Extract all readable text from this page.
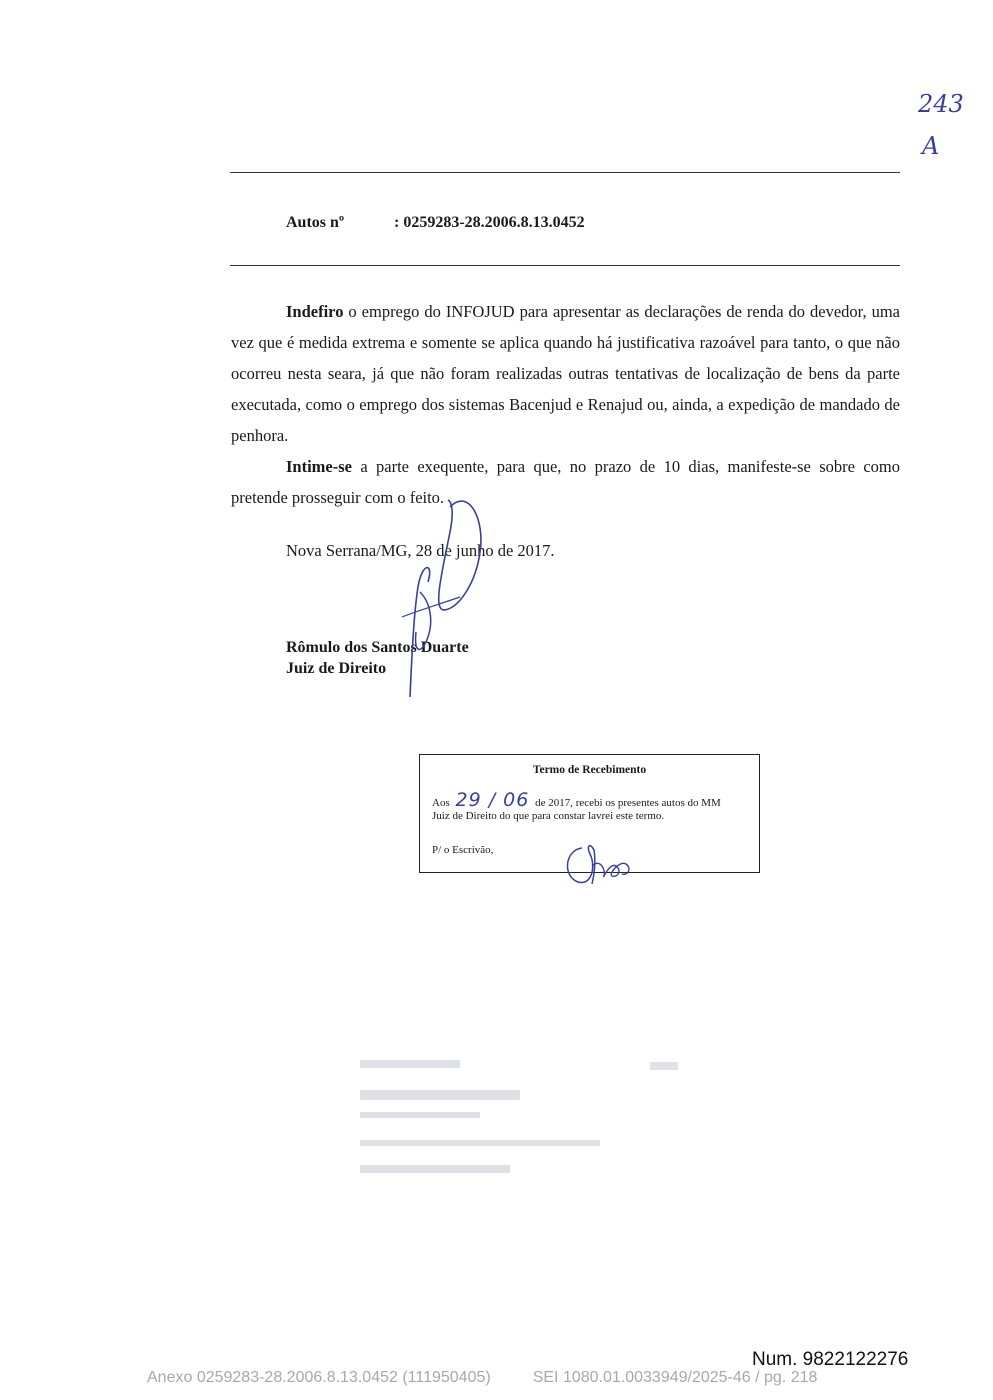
243
A
Autos nº	: 0259283-28.2006.8.13.0452

Indefiro o emprego do INFOJUD para apresentar as declarações de renda do devedor, uma vez que é medida extrema e somente se aplica quando há justificativa razoável para tanto, o que não ocorreu nesta seara, já que não foram realizadas outras tentativas de localização de bens da parte executada, como o emprego dos sistemas Bacenjud e Renajud ou, ainda, a expedição de mandado de penhora.

Intime-se a parte exequente, para que, no prazo de 10 dias, manifeste-se sobre como pretende prosseguir com o feito.

Nova Serrana/MG, 28 de junho de 2017.
Rômulo dos Santos Duarte
Juiz de Direito
Termo de Recebimento
Aos 29 / 06 de 2017, recebi os presentes autos do MM
Juiz de Direito do que para constar lavrei este termo.
P/ o Escrivão,
Num. 9822122276
Anexo 0259283-28.2006.8.13.0452 (111950405)	SEI 1080.01.0033949/2025-46 / pg. 218
